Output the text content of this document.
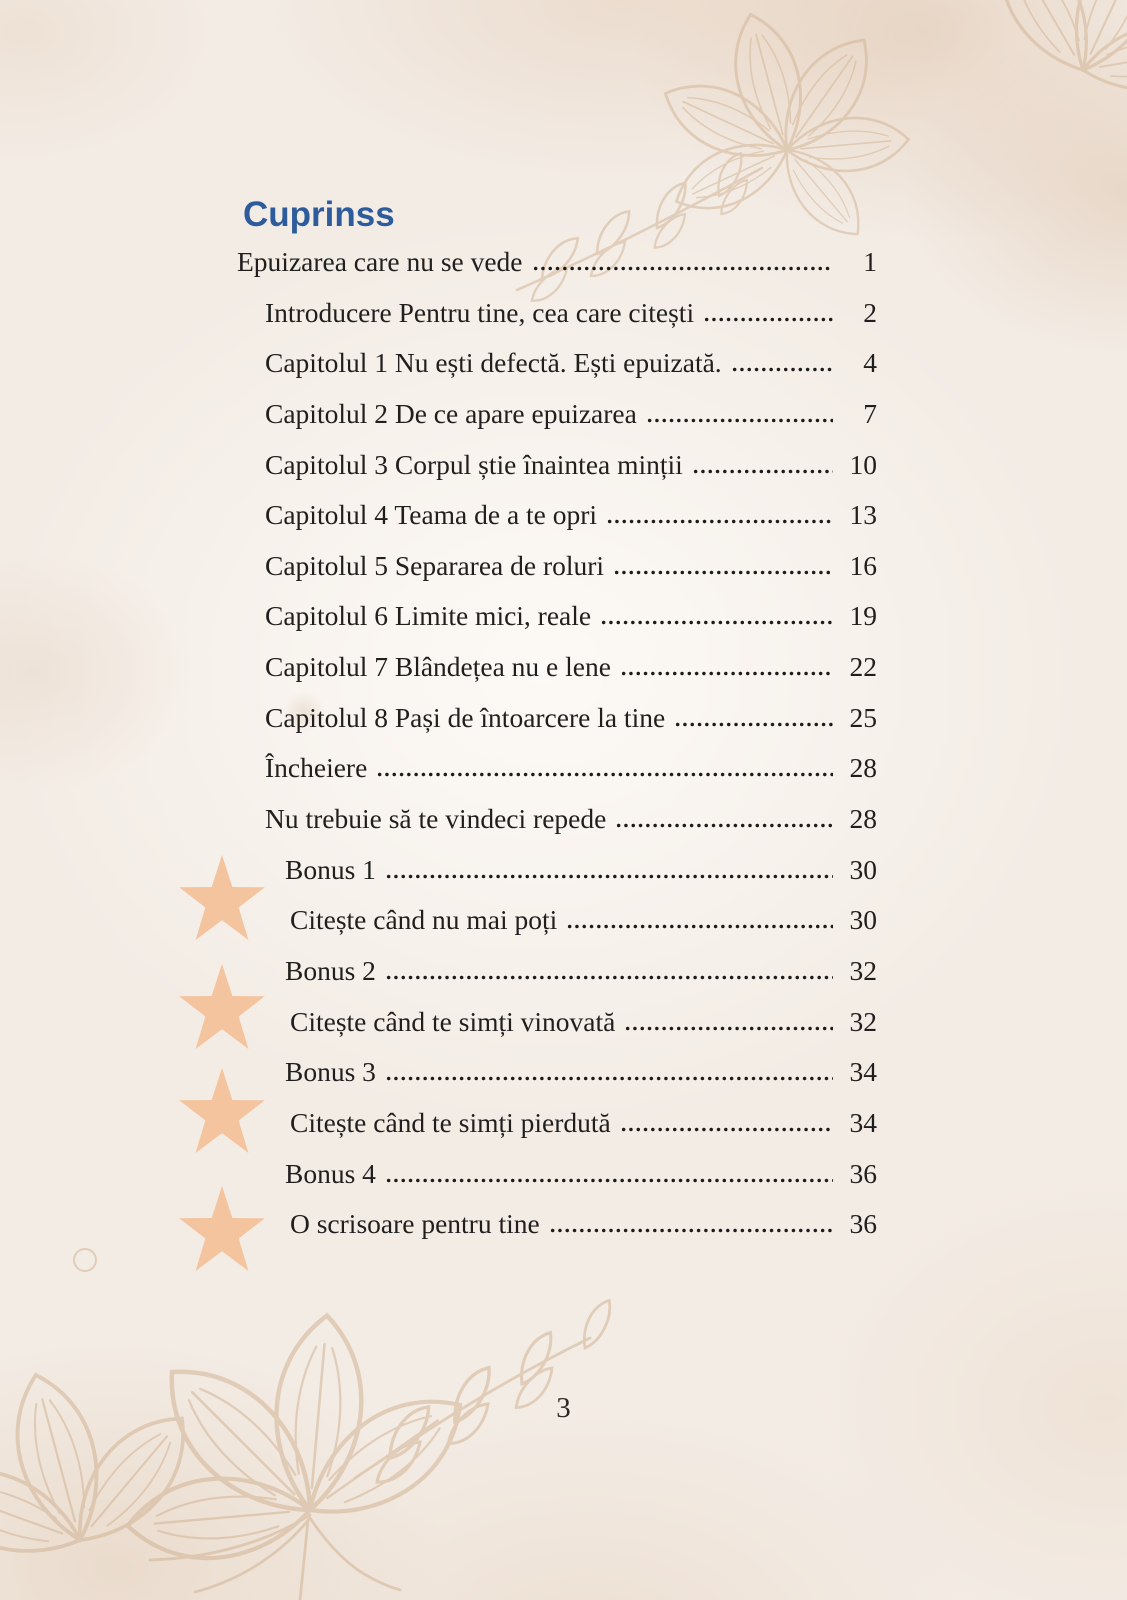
Cuprinss
Epuizarea care nu se vede	1
Introducere Pentru tine, cea care citești	2
Capitolul 1 Nu ești defectă. Ești epuizată.	4
Capitolul 2 De ce apare epuizarea	7
Capitolul 3 Corpul știe înaintea minții	10
Capitolul 4 Teama de a te opri	13
Capitolul 5 Separarea de roluri	16
Capitolul 6 Limite mici, reale	19
Capitolul 7 Blândețea nu e lene	22
Capitolul 8 Pași de întoarcere la tine	25
Încheiere	28
Nu trebuie să te vindeci repede	28
Bonus 1	30
Citește când nu mai poți	30
Bonus 2	32
Citește când te simți vinovată	32
Bonus 3	34
Citește când te simți pierdută	34
Bonus 4	36
O scrisoare pentru tine	36
3
